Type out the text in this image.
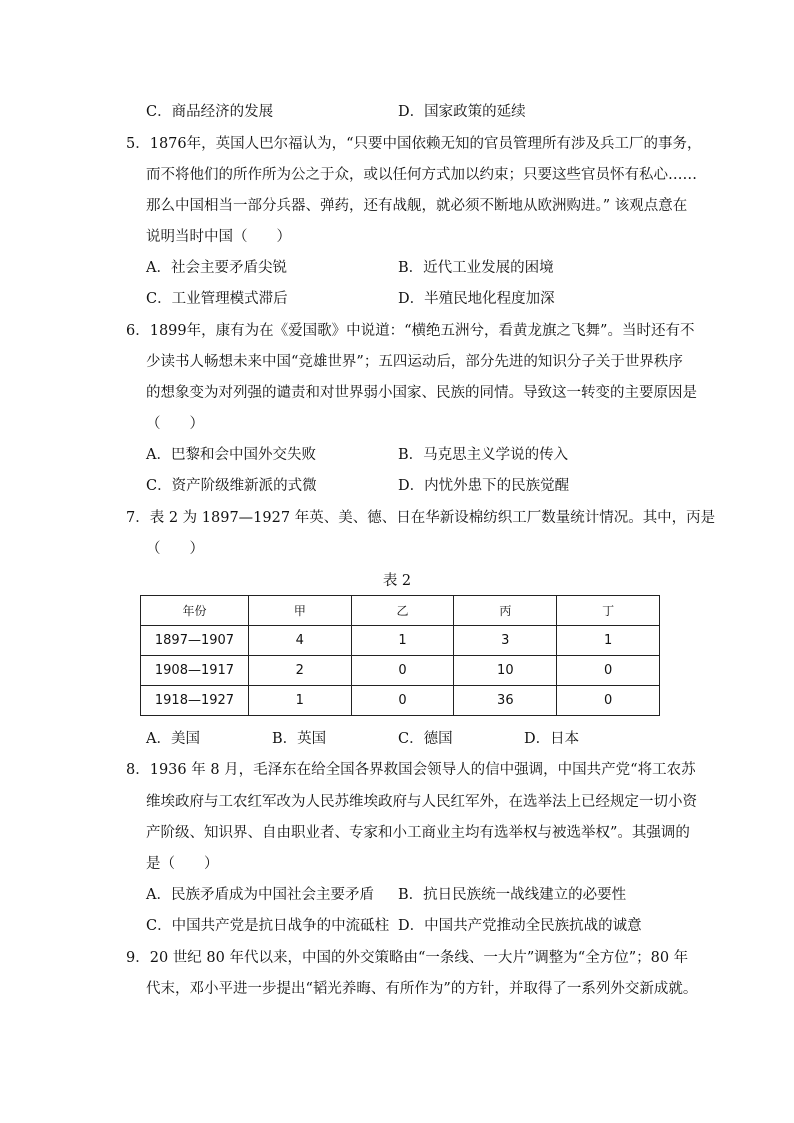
C．商品经济的发展	D．国家政策的延续
5．1876年，英国人巴尔福认为，“只要中国依赖无知的官员管理所有涉及兵工厂的事务，
而不将他们的所作所为公之于众，或以任何方式加以约束；只要这些官员怀有私心……
那么中国相当一部分兵器、弹药，还有战舰，就必须不断地从欧洲购进。” 该观点意在
说明当时中国（　　）
A．社会主要矛盾尖锐	B．近代工业发展的困境
C．工业管理模式滞后	D．半殖民地化程度加深
6．1899年，康有为在《爱国歌》中说道：“横绝五洲兮，看黄龙旗之飞舞”。当时还有不
少读书人畅想未来中国“竞雄世界”；五四运动后，部分先进的知识分子关于世界秩序
的想象变为对列强的谴责和对世界弱小国家、民族的同情。导致这一转变的主要原因是
（　　）
A．巴黎和会中国外交失败	B．马克思主义学说的传入
C．资产阶级维新派的式微	D．内忧外患下的民族觉醒
7．表 2 为 1897—1927 年英、美、德、日在华新设棉纺织工厂数量统计情况。其中，丙是
（　　）
表 2
年份	甲	乙	丙	丁
1897—1907	4	1	3	1
1908—1917	2	0	10	0
1918—1927	1	0	36	0
A．美国	B．英国	C．德国	D．日本
8．1936 年 8 月，毛泽东在给全国各界救国会领导人的信中强调，中国共产党“将工农苏
维埃政府与工农红军改为人民苏维埃政府与人民红军外，在选举法上已经规定一切小资
产阶级、知识界、自由职业者、专家和小工商业主均有选举权与被选举权”。其强调的
是（　　）
A．民族矛盾成为中国社会主要矛盾 B．抗日民族统一战线建立的必要性
C．中国共产党是抗日战争的中流砥柱 D．中国共产党推动全民族抗战的诚意
9．20 世纪 80 年代以来，中国的外交策略由“一条线、一大片”调整为“全方位”；80 年
代末，邓小平进一步提出“韬光养晦、有所作为”的方针，并取得了一系列外交新成就。
